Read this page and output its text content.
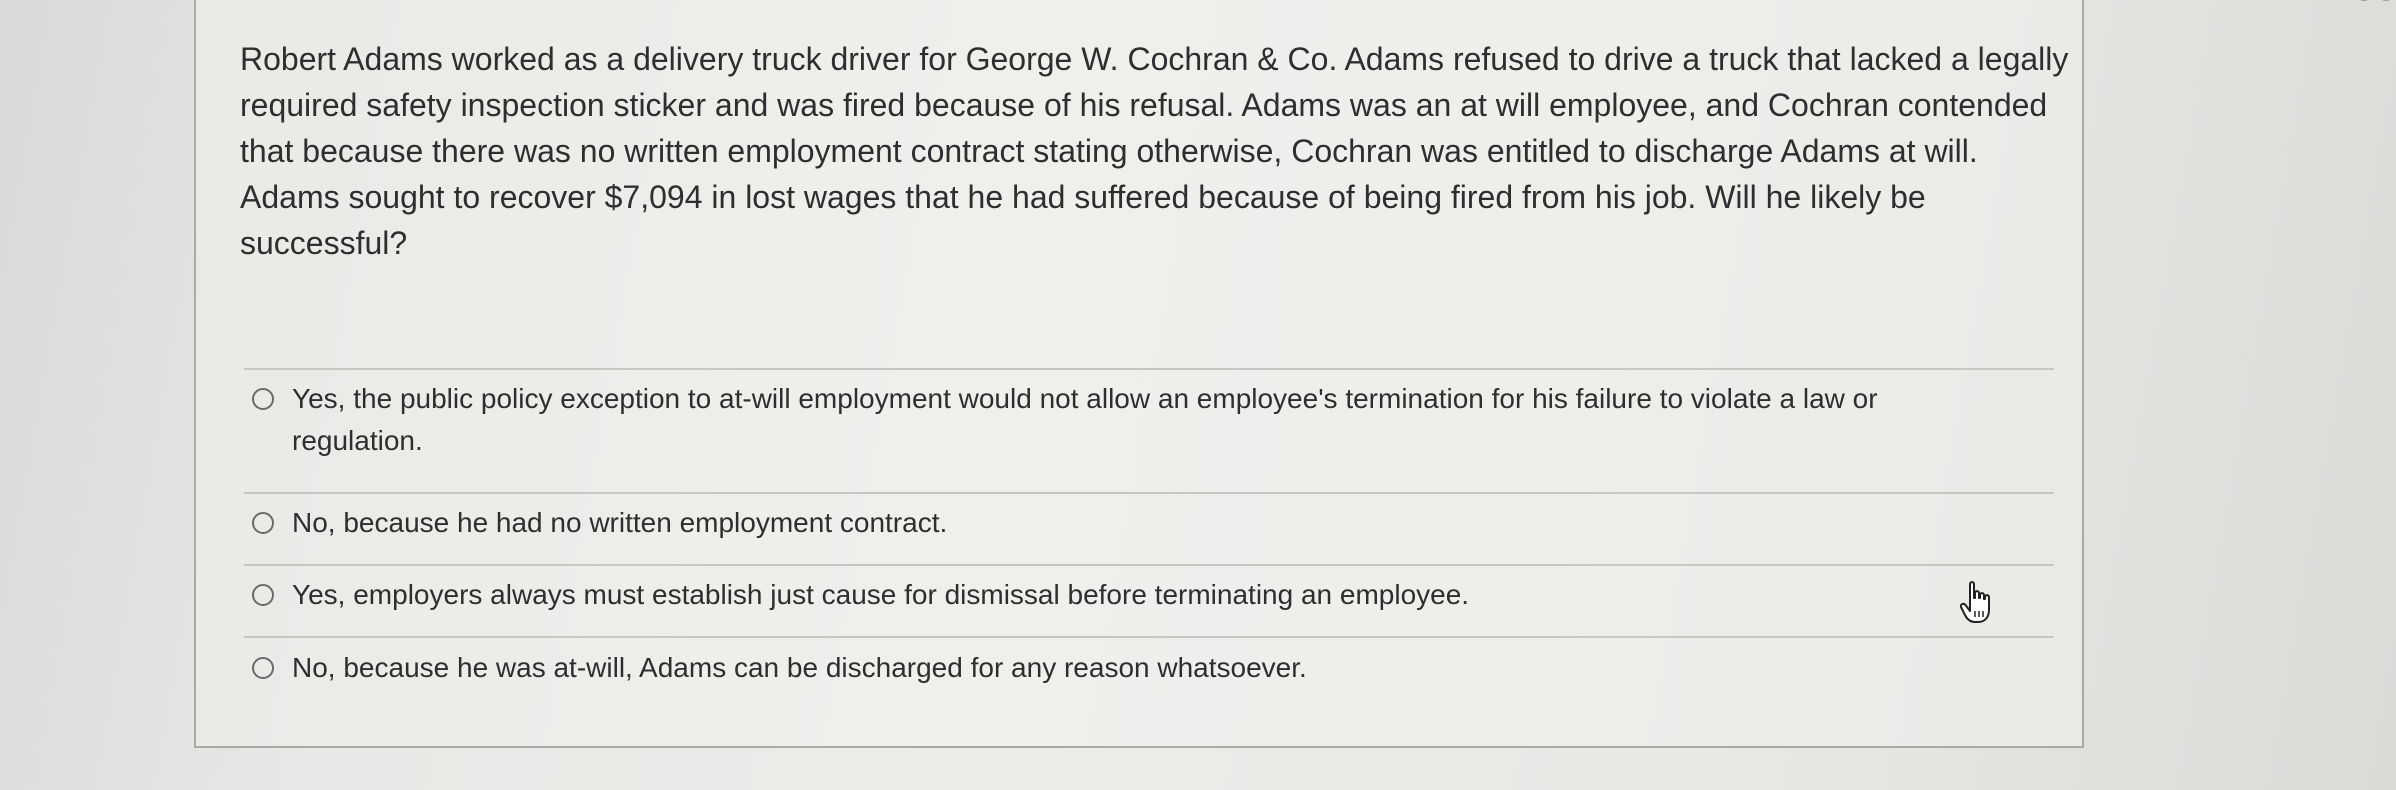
Robert Adams worked as a delivery truck driver for George W. Cochran & Co. Adams refused to drive a truck that lacked a legally required safety inspection sticker and was fired because of his refusal. Adams was an at will employee, and Cochran contended that because there was no written employment contract stating otherwise, Cochran was entitled to discharge Adams at will. Adams sought to recover $7,094 in lost wages that he had suffered because of being fired from his job. Will he likely be successful?

Yes, the public policy exception to at-will employment would not allow an employee's termination for his failure to violate a law or regulation.
No, because he had no written employment contract.
Yes, employers always must establish just cause for dismissal before terminating an employee.
No, because he was at-will, Adams can be discharged for any reason whatsoever.
